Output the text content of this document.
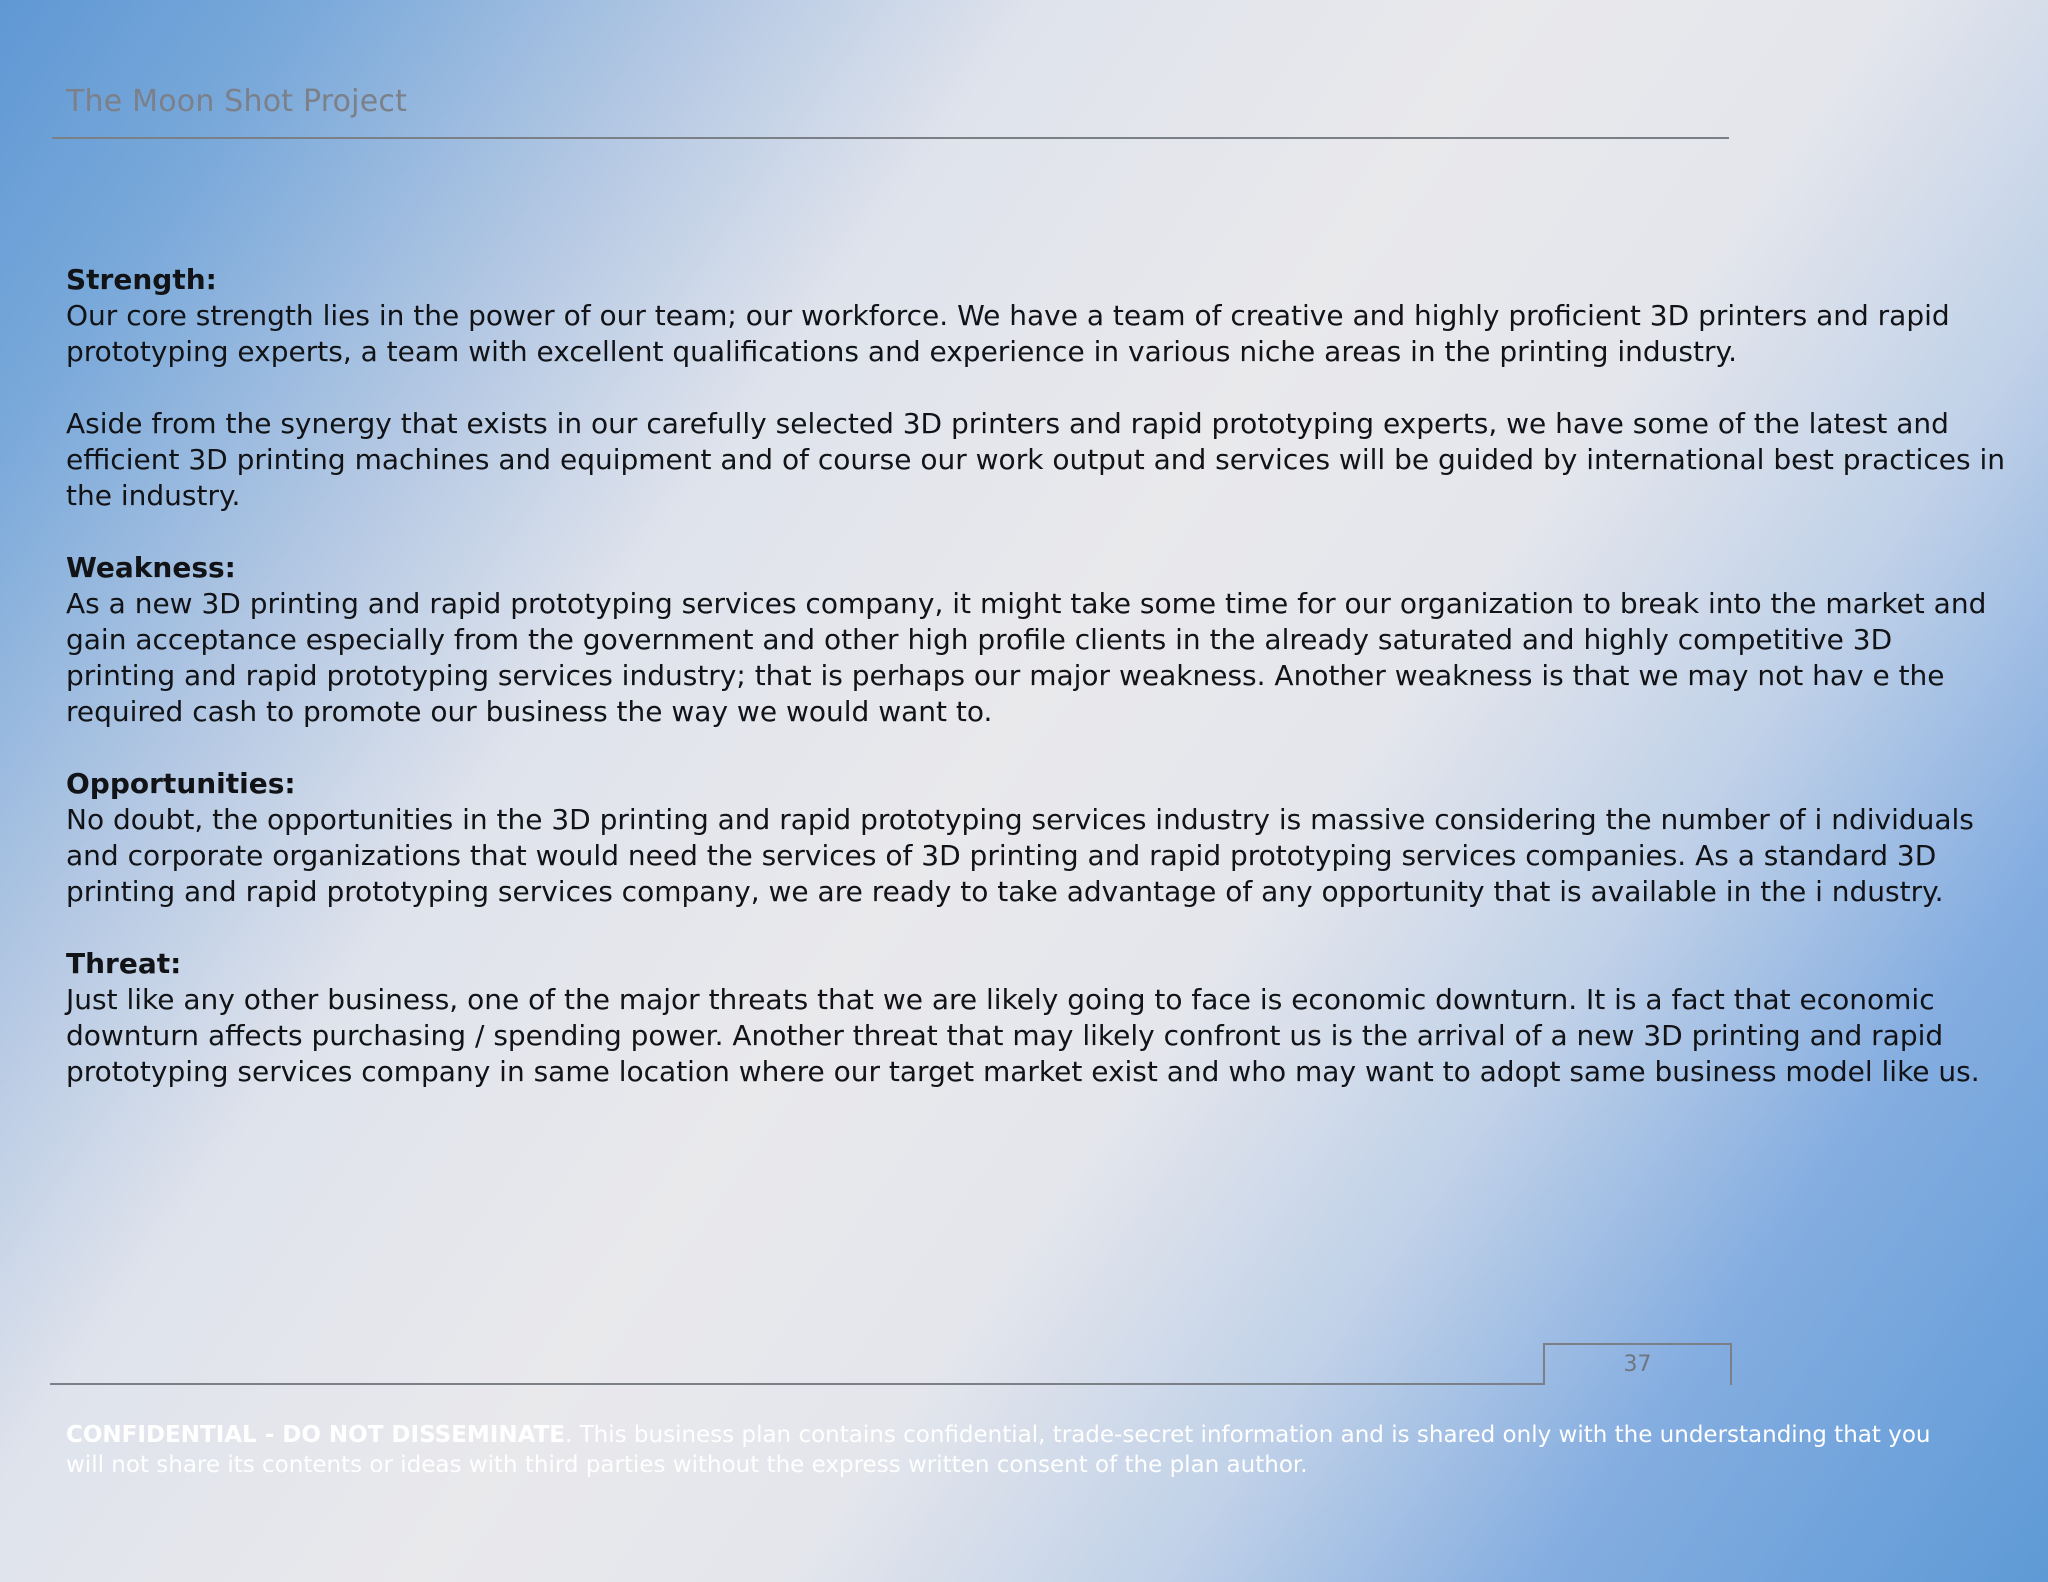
The Moon Shot Project

Strength:
Our core strength lies in the power of our team; our workforce. We have a team of creative and highly proficient 3D printers and rapid prototyping experts, a team with excellent qualifications and experience in various niche areas in the printing industry.

Aside from the synergy that exists in our carefully selected 3D printers and rapid prototyping experts, we have some of the latest and efficient 3D printing machines and equipment and of course our work output and services will be guided by international best practices in the industry.

Weakness:
As a new 3D printing and rapid prototyping services company, it might take some time for our organization to break into the market and gain acceptance especially from the government and other high profile clients in the already saturated and highly competitive 3D printing and rapid prototyping services industry; that is perhaps our major weakness. Another weakness is that we may not hav e the required cash to promote our business the way we would want to.

Opportunities:
No doubt, the opportunities in the 3D printing and rapid prototyping services industry is massive considering the number of i ndividuals and corporate organizations that would need the services of 3D printing and rapid prototyping services companies. As a standard 3D printing and rapid prototyping services company, we are ready to take advantage of any opportunity that is available in the i ndustry.

Threat:
Just like any other business, one of the major threats that we are likely going to face is economic downturn. It is a fact that economic downturn affects purchasing / spending power. Another threat that may likely confront us is the arrival of a new 3D printing and rapid prototyping services company in same location where our target market exist and who may want to adopt same business model like us.

37
CONFIDENTIAL - DO NOT DISSEMINATE. This business plan contains confidential, trade-secret information and is shared only with the understanding that you will not share its contents or ideas with third parties without the express written consent of the plan author.
